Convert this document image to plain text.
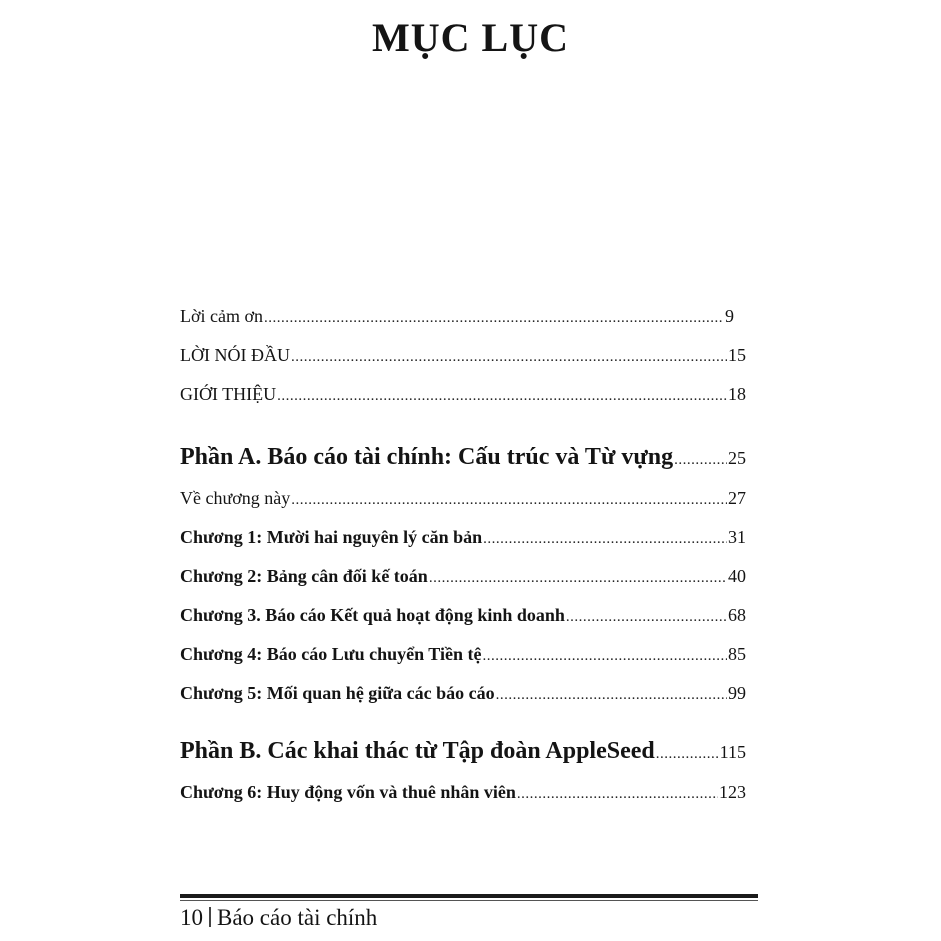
MỤC LỤC
Lời cảm ơn .....	9
LỜI NÓI ĐẦU .....	15
GIỚI THIỆU .....	18
Phần A. Báo cáo tài chính: Cấu trúc và Từ vựng .....	25
Về chương này .....	27
Chương 1: Mười hai nguyên lý căn bản .....	31
Chương 2: Bảng cân đối kế toán .....	40
Chương 3. Báo cáo Kết quả hoạt động kinh doanh .....	68
Chương 4: Báo cáo Lưu chuyển Tiền tệ .....	85
Chương 5: Mối quan hệ giữa các báo cáo .....	99
Phần B. Các khai thác từ Tập đoàn AppleSeed .....	115
Chương 6: Huy động vốn và thuê nhân viên .....	123
10 Báo cáo tài chính
